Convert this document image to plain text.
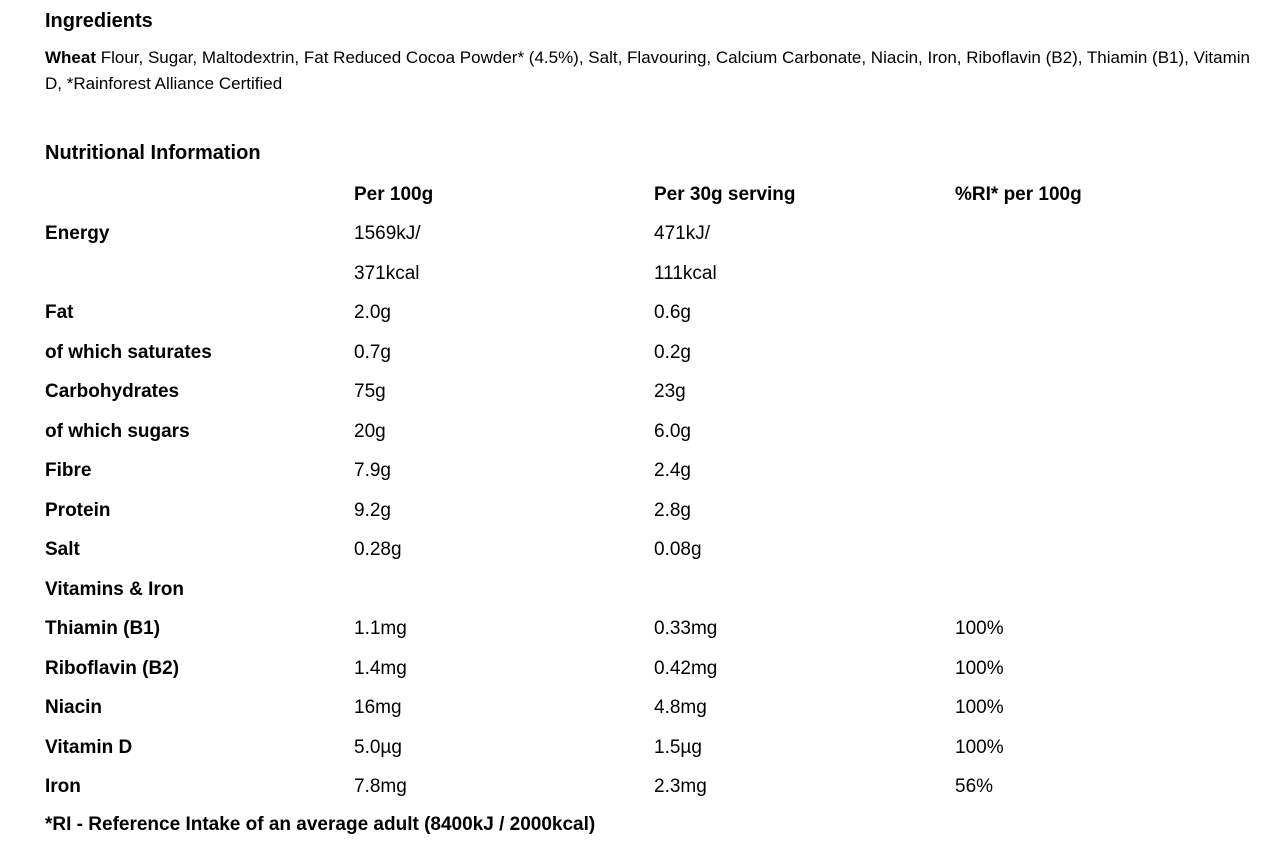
Ingredients

Wheat Flour, Sugar, Maltodextrin, Fat Reduced Cocoa Powder* (4.5%), Salt, Flavouring, Calcium Carbonate, Niacin, Iron, Riboflavin (B2), Thiamin (B1), Vitamin D, *Rainforest Alliance Certified

Nutritional Information
	Per 100g	Per 30g serving	%RI* per 100g
Energy	1569kJ/	471kJ/	
	371kcal	111kcal	
Fat	2.0g	0.6g	
of which saturates	0.7g	0.2g	
Carbohydrates	75g	23g	
of which sugars	20g	6.0g	
Fibre	7.9g	2.4g	
Protein	9.2g	2.8g	
Salt	0.28g	0.08g	
Vitamins & Iron			
Thiamin (B1)	1.1mg	0.33mg	100%
Riboflavin (B2)	1.4mg	0.42mg	100%
Niacin	16mg	4.8mg	100%
Vitamin D	5.0µg	1.5µg	100%
Iron	7.8mg	2.3mg	56%
*RI - Reference Intake of an average adult (8400kJ / 2000kcal)
